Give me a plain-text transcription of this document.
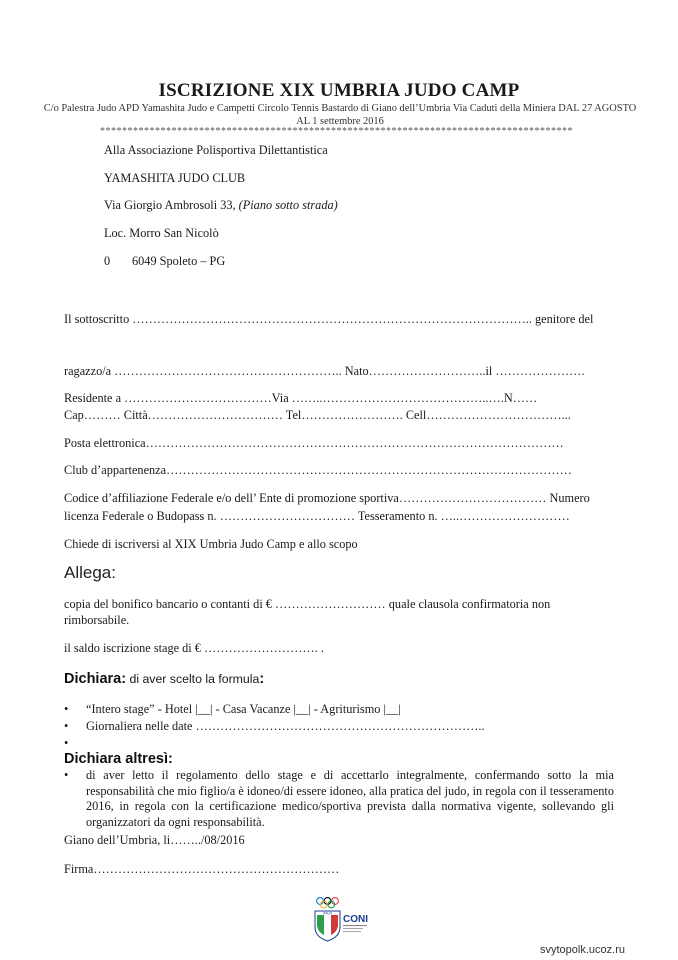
ISCRIZIONE XIX UMBRIA JUDO CAMP
C/o Palestra Judo APD Yamashita Judo e Campetti Circolo Tennis Bastardo di Giano dell’Umbria Via Caduti della Miniera DAL 27 AGOSTO AL 1 settembre 2016
**************************************************************************************
Alla Associazione Polisportiva Dilettantistica
YAMASHITA JUDO CLUB
Via Giorgio Ambrosoli 33, (Piano sotto strada)
Loc. Morro San Nicolò
0 6049 Spoleto – PG
Il sottoscritto …………………………………………………………………………………….. genitore del
ragazzo/a ……………………………………………….. Nato………………………..il ………………….
Residente a ………………………………Via ……..…………………………………..….N……
Cap……… Città…………………………… Tel……………………. Cell……………………………...
Posta elettronica…………………………………………………………………………………………
Club d’appartenenza………………………………………………………………………………………
Codice d’affiliazione Federale e/o dell’ Ente di promozione sportiva……………………………… Numero
licenza Federale o Budopass n. …………………………… Tesseramento n. …..………………………
Chiede di iscriversi al XIX Umbria Judo Camp e allo scopo
Allega:
copia del bonifico bancario o contanti di € ……………………… quale clausola confirmatoria non
rimborsabile.
il saldo iscrizione stage di € ………………………. .
Dichiara: di aver scelto la formula:
• “Intero stage” - Hotel |__| - Casa Vacanze |__| - Agriturismo |__|
• Giornaliera nelle date ……………………………………………………………..
•
Dichiara altresì:
• di aver letto il regolamento dello stage e di accettarlo integralmente, confermando sotto la mia responsabilità che mio figlio/a è idoneo/di essere idoneo, alla pratica del judo, in regola con il tesseramento 2016, in regola con la certificazione medico/sportiva prevista dalla normativa vigente, sollevando gli organizzatori da ogni responsabilità.
Giano dell’Umbria, li……../08/2016
Firma……………………………………………………
ITALIA
CONI
svytopolk.ucoz.ru
